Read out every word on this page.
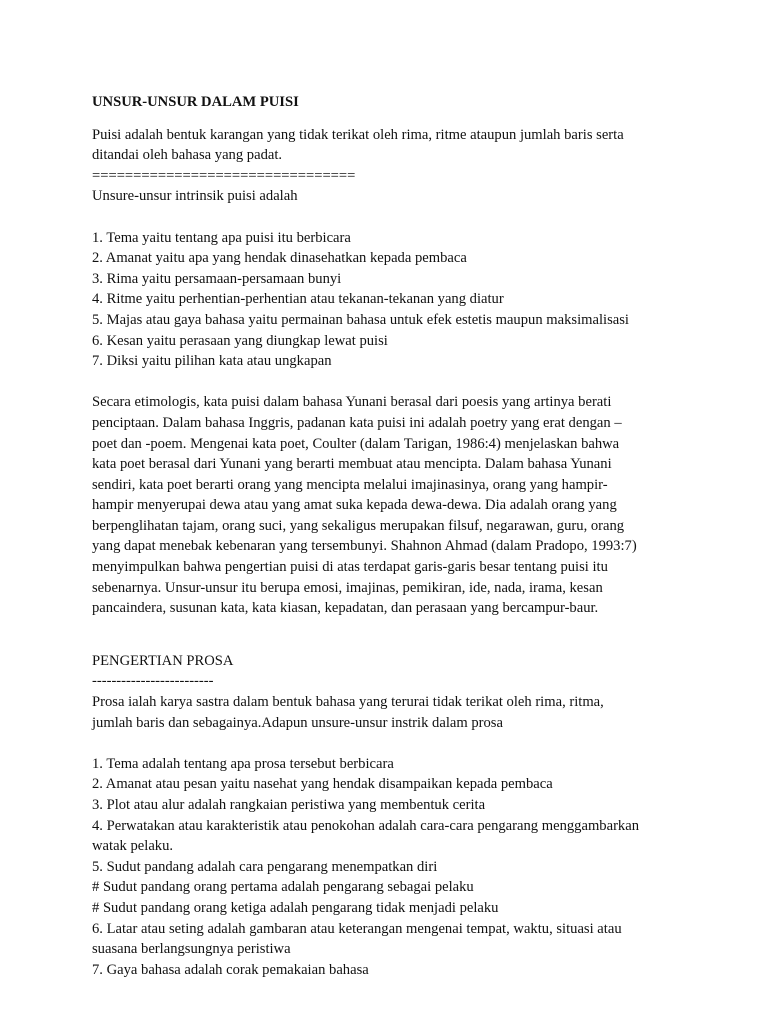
UNSUR-UNSUR DALAM PUISI
Puisi adalah bentuk karangan yang tidak terikat oleh rima, ritme ataupun jumlah baris serta
ditandai oleh bahasa yang padat.
================================
Unsure-unsur intrinsik puisi adalah
1. Tema yaitu tentang apa puisi itu berbicara
2. Amanat yaitu apa yang hendak dinasehatkan kepada pembaca
3. Rima yaitu persamaan-persamaan bunyi
4. Ritme yaitu perhentian-perhentian atau tekanan-tekanan yang diatur
5. Majas atau gaya bahasa yaitu permainan bahasa untuk efek estetis maupun maksimalisasi
6. Kesan yaitu perasaan yang diungkap lewat puisi
7. Diksi yaitu pilihan kata atau ungkapan
Secara etimologis, kata puisi dalam bahasa Yunani berasal dari poesis yang artinya berati
penciptaan. Dalam bahasa Inggris, padanan kata puisi ini adalah poetry yang erat dengan –
poet dan -poem. Mengenai kata poet, Coulter (dalam Tarigan, 1986:4) menjelaskan bahwa
kata poet berasal dari Yunani yang berarti membuat atau mencipta. Dalam bahasa Yunani
sendiri, kata poet berarti orang yang mencipta melalui imajinasinya, orang yang hampir-
hampir menyerupai dewa atau yang amat suka kepada dewa-dewa. Dia adalah orang yang
berpenglihatan tajam, orang suci, yang sekaligus merupakan filsuf, negarawan, guru, orang
yang dapat menebak kebenaran yang tersembunyi. Shahnon Ahmad (dalam Pradopo, 1993:7)
menyimpulkan bahwa pengertian puisi di atas terdapat garis-garis besar tentang puisi itu
sebenarnya. Unsur-unsur itu berupa emosi, imajinas, pemikiran, ide, nada, irama, kesan
pancaindera, susunan kata, kata kiasan, kepadatan, dan perasaan yang bercampur-baur.
PENGERTIAN PROSA
-------------------------
Prosa ialah karya sastra dalam bentuk bahasa yang terurai tidak terikat oleh rima, ritma,
jumlah baris dan sebagainya.Adapun unsure-unsur instrik dalam prosa
1. Tema adalah tentang apa prosa tersebut berbicara
2. Amanat atau pesan yaitu nasehat yang hendak disampaikan kepada pembaca
3. Plot atau alur adalah rangkaian peristiwa yang membentuk cerita
4. Perwatakan atau karakteristik atau penokohan adalah cara-cara pengarang menggambarkan
watak pelaku.
5. Sudut pandang adalah cara pengarang menempatkan diri
# Sudut pandang orang pertama adalah pengarang sebagai pelaku
# Sudut pandang orang ketiga adalah pengarang tidak menjadi pelaku
6. Latar atau seting adalah gambaran atau keterangan mengenai tempat, waktu, situasi atau
suasana berlangsungnya peristiwa
7. Gaya bahasa adalah corak pemakaian bahasa
